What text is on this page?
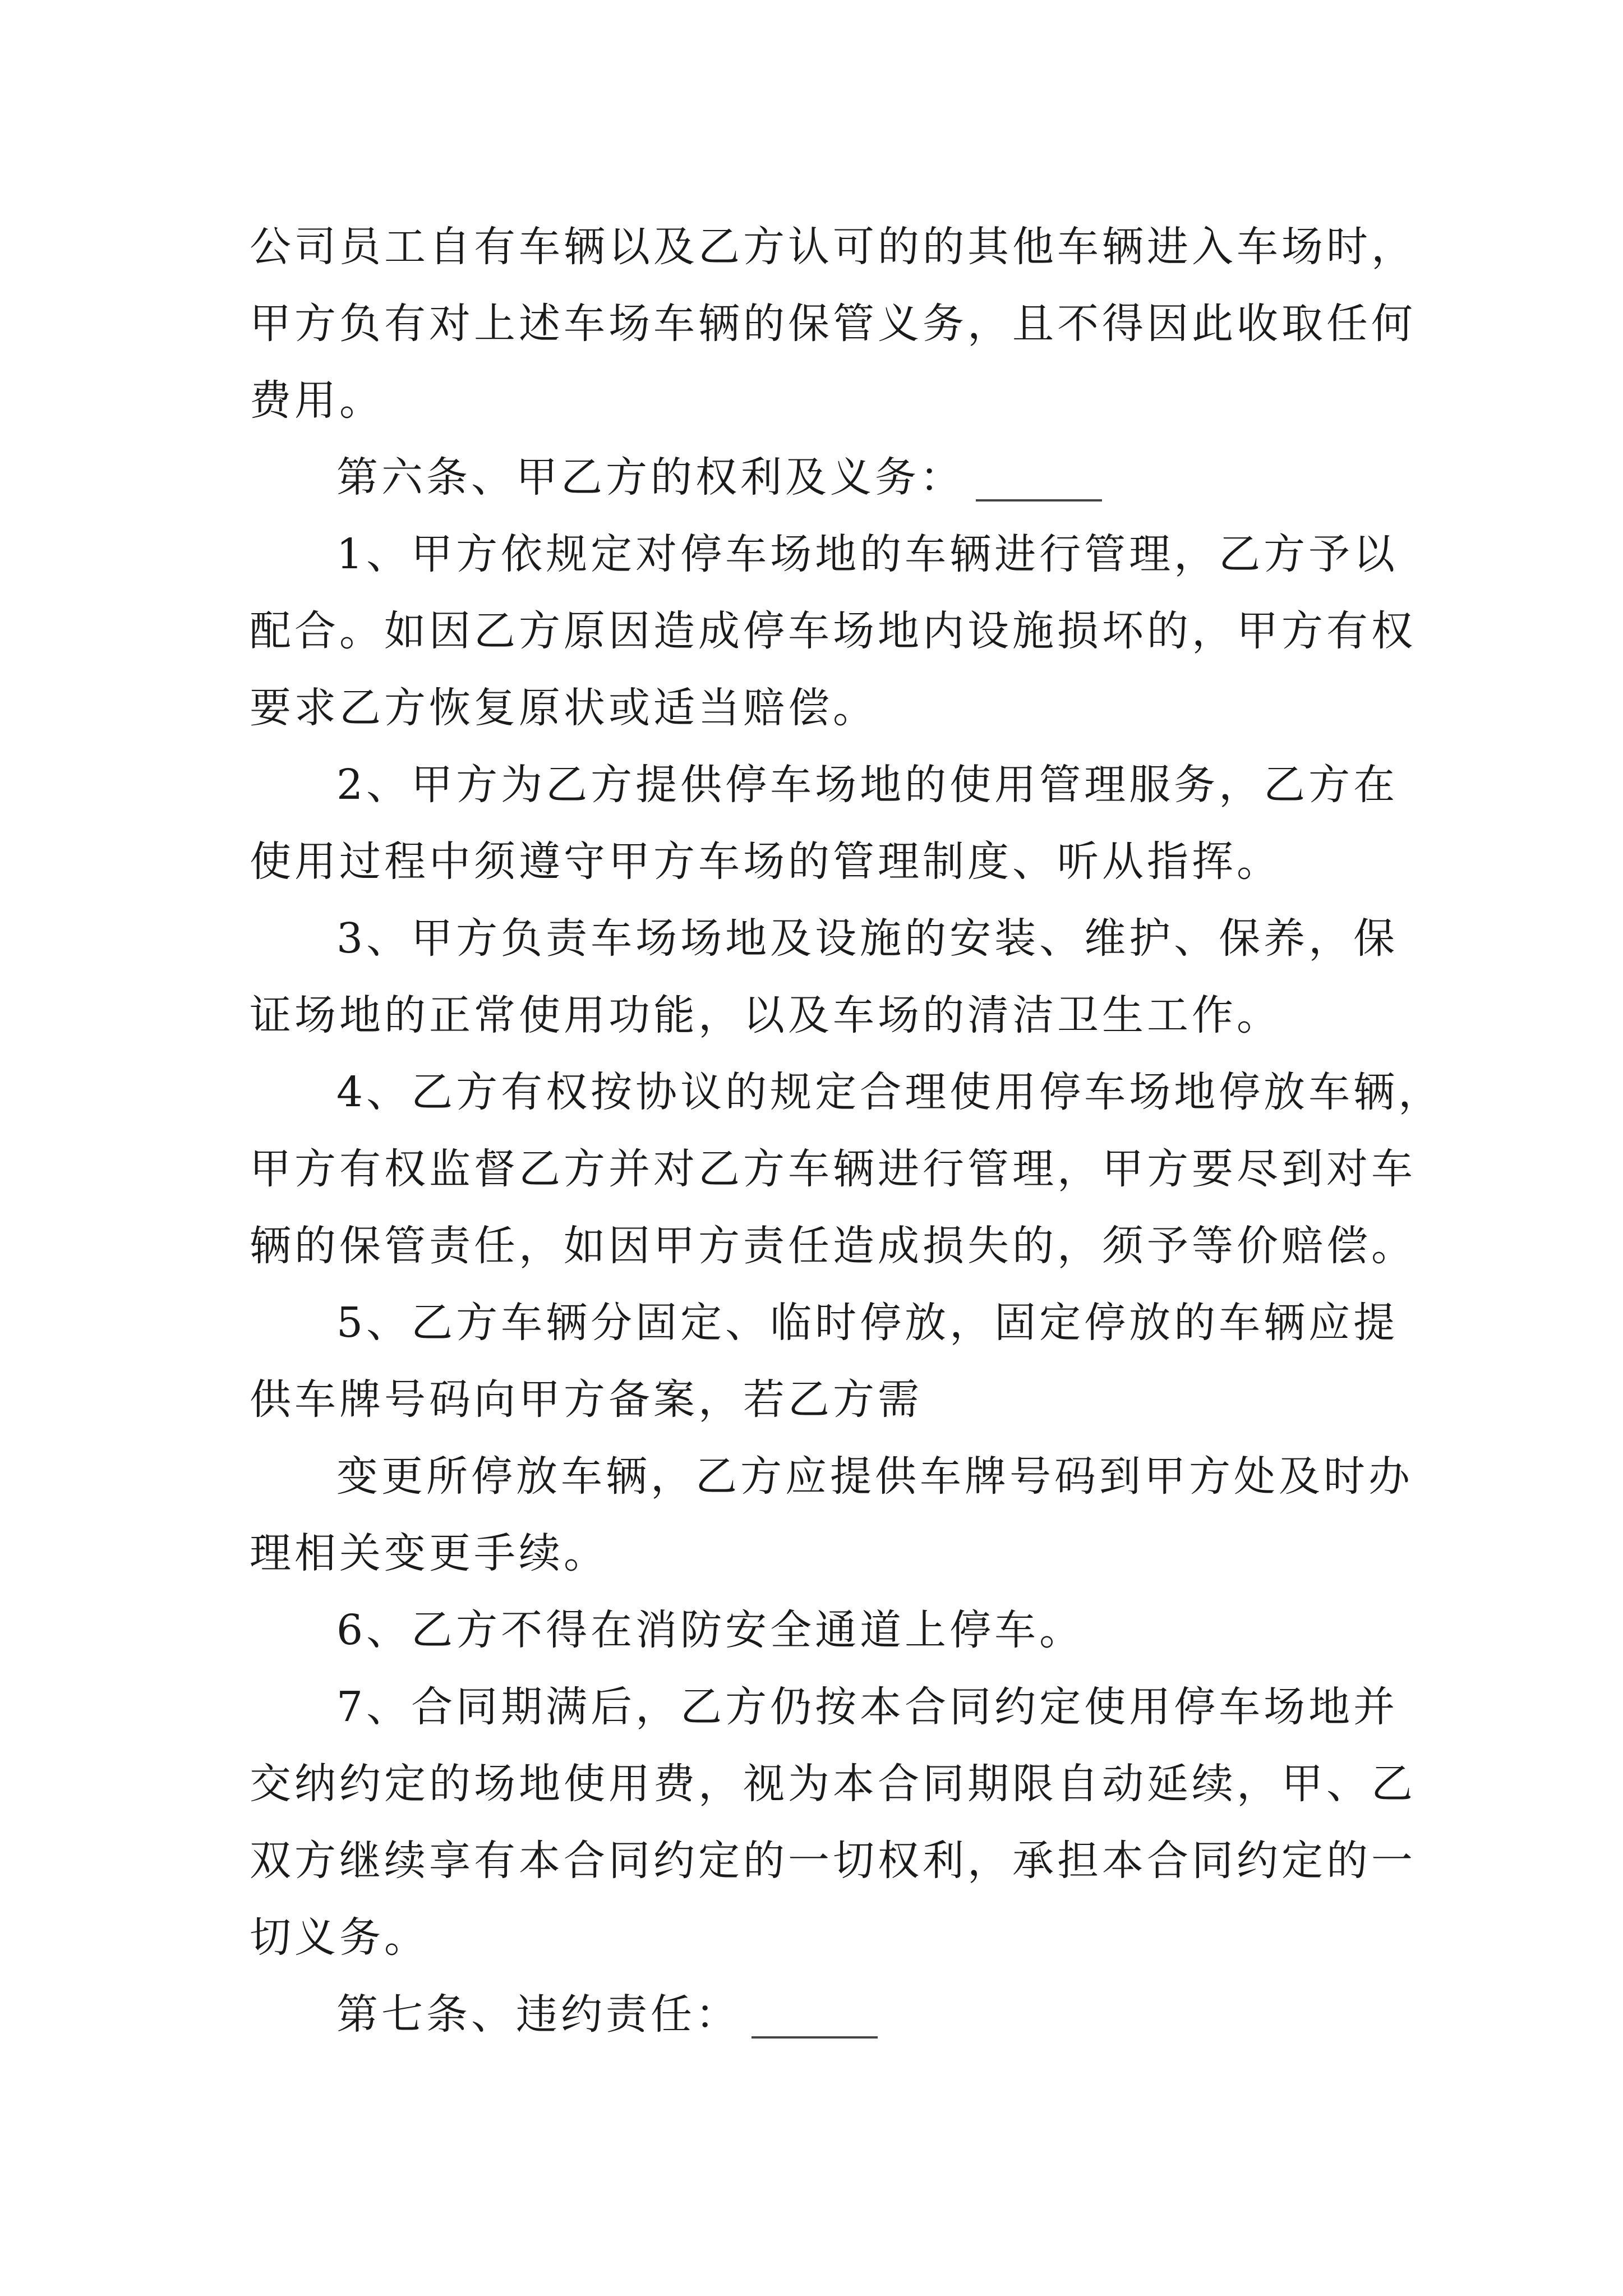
公司员工自有车辆以及乙方认可的的其他车辆进入车场时，
甲方负有对上述车场车辆的保管义务，且不得因此收取任何
费用。
第六条、甲乙方的权利及义务：
1、甲方依规定对停车场地的车辆进行管理，乙方予以
配合。如因乙方原因造成停车场地内设施损坏的，甲方有权
要求乙方恢复原状或适当赔偿。
2、甲方为乙方提供停车场地的使用管理服务，乙方在
使用过程中须遵守甲方车场的管理制度、听从指挥。
3、甲方负责车场场地及设施的安装、维护、保养，保
证场地的正常使用功能，以及车场的清洁卫生工作。
4、乙方有权按协议的规定合理使用停车场地停放车辆，
甲方有权监督乙方并对乙方车辆进行管理，甲方要尽到对车
辆的保管责任，如因甲方责任造成损失的，须予等价赔偿。
5、乙方车辆分固定、临时停放，固定停放的车辆应提
供车牌号码向甲方备案，若乙方需
变更所停放车辆，乙方应提供车牌号码到甲方处及时办
理相关变更手续。
6、乙方不得在消防安全通道上停车。
7、合同期满后，乙方仍按本合同约定使用停车场地并
交纳约定的场地使用费，视为本合同期限自动延续，甲、乙
双方继续享有本合同约定的一切权利，承担本合同约定的一
切义务。
第七条、违约责任：
